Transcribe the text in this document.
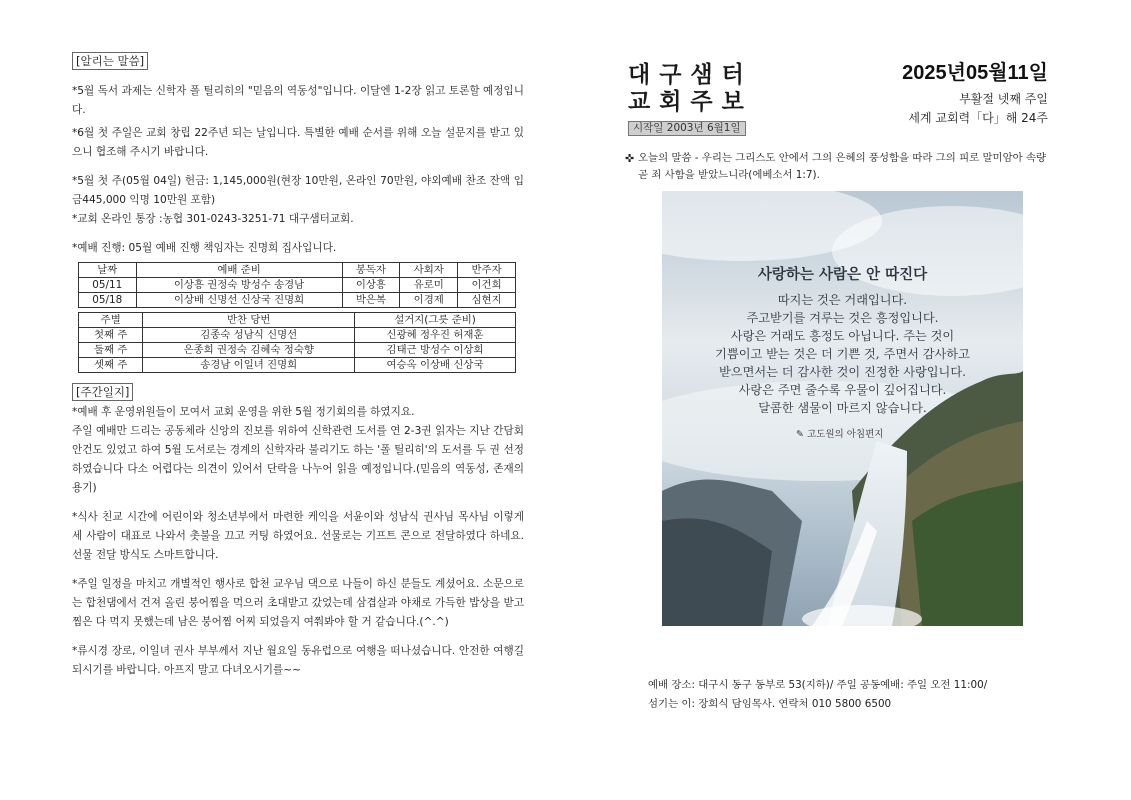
[알리는 말씀]

*5월 독서 과제는 신학자 폴 틸리히의 "믿음의 역동성"입니다. 이달엔 1-2장 읽고 토론할 예정입니다.

*6월 첫 주일은 교회 창립 22주년 되는 날입니다. 특별한 예배 순서를 위해 오늘 설문지를 받고 있으니 협조해 주시기 바랍니다.

*5월 첫 주(05월 04일) 헌금: 1,145,000원(현장 10만원, 온라인 70만원, 야외예배 찬조 잔액 입금445,000 익명 10만원 포함)

*교회 온라인 통장 :농협 301-0243-3251-71 대구샘터교회.

*예배 진행: 05월 예배 진행 책임자는 진명희 집사입니다.

날짜	예배 준비	봉독자	사회자	반주자
05/11	이상흥 권정숙 방성수 송경남	이상흥	유로미	이건희
05/18	이상배 신명선 신상국 진명희	박은복	이경제	심현지
주별	반찬 당번	설거지(그릇 준비)
첫째 주	김종숙 성남식 신명선	신광혜 정우진 허재훈
둘째 주	은종희 권정숙 김혜숙 정숙향	김태근 방성수 이상희
셋째 주	송경남 이일녀 진명희	여승옥 이상배 신상국
[주간일지]

*예배 후 운영위원들이 모여서 교회 운영을 위한 5월 정기회의를 하였지요.

주일 예배만 드리는 공동체라 신앙의 진보를 위하여 신학관련 도서를 연 2-3권 읽자는 지난 간담회 안건도 있었고 하여 5월 도서로는 경계의 신학자라 불리기도 하는 '폴 틸리히'의 도서를 두 권 선정하였습니다 다소 어렵다는 의견이 있어서 단락을 나누어 읽을 예정입니다.(믿음의 역동성, 존재의 용기)

*식사 친교 시간에 어린이와 청소년부에서 마련한 케익을 서윤이와 성남식 권사님 목사님 이렇게 세 사람이 대표로 나와서 촛불을 끄고 커팅 하였어요. 선물로는 기프트 콘으로 전달하였다 하네요. 선물 전달 방식도 스마트합니다.

*주일 일정을 마치고 개별적인 행사로 합천 교우님 댁으로 나들이 하신 분들도 계셨어요. 소문으로는 합천댐에서 건져 올린 붕어찜을 먹으러 초대받고 갔었는데 삼겹살과 야채로 가득한 밥상을 받고 찜은 다 먹지 못했는데 남은 붕어찜 어찌 되었을지 여쭤봐야 할 거 같습니다.(^.^)

*류시경 장로, 이일녀 권사 부부께서 지난 월요일 동유럽으로 여행을 떠나셨습니다. 안전한 여행길 되시기를 바랍니다. 아프지 말고 다녀오시기를~~

대구샘터
교회주보
시작일 2003년 6월1일
2025년05월11일
부활절 넷째 주일
세계 교회력「다」해 24주
✜ 오늘의 말씀 - 우리는 그리스도 안에서 그의 은혜의 풍성함을 따라 그의 피로 말미암아 속량 곧 죄 사함을 받았느니라(에베소서 1:7).
사랑하는 사람은 안 따진다
따지는 것은 거래입니다.
주고받기를 겨루는 것은 흥정입니다.
사랑은 거래도 흥정도 아닙니다. 주는 것이
기쁨이고 받는 것은 더 기쁜 것, 주면서 감사하고
받으면서는 더 감사한 것이 진정한 사랑입니다.
사랑은 주면 줄수록 우물이 깊어집니다.
달콤한 샘물이 마르지 않습니다.
✎ 고도원의 아침편지
예배 장소: 대구시 동구 동부로 53(지하)/ 주일 공동예배: 주일 오전 11:00/
섬기는 이: 장희식 담임목사. 연락처 010 5800 6500
